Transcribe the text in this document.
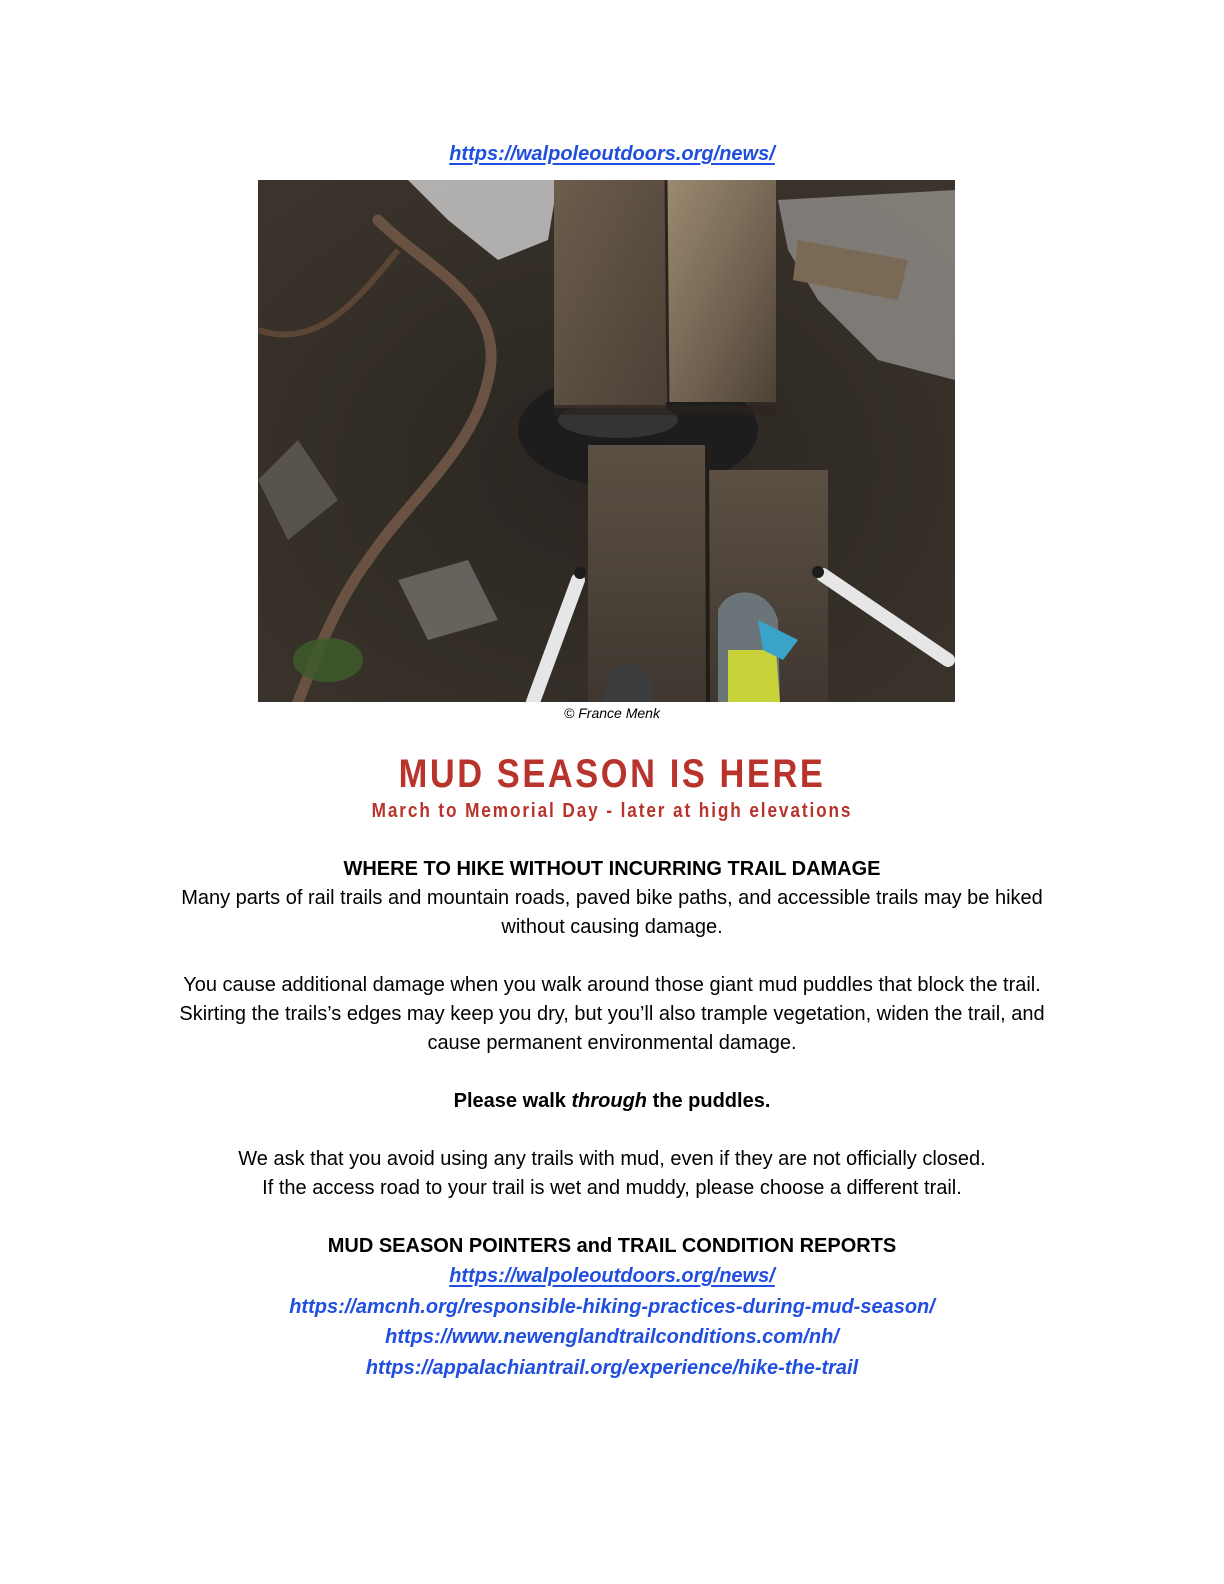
https://walpoleoutdoors.org/news/
© France Menk
MUD SEASON IS HERE
March to Memorial Day - later at high elevations

WHERE TO HIKE WITHOUT INCURRING TRAIL DAMAGE

Many parts of rail trails and mountain roads, paved bike paths, and accessible trails may be hiked without causing damage.

You cause additional damage when you walk around those giant mud puddles that block the trail. Skirting the trails’s edges may keep you dry, but you’ll also trample vegetation, widen the trail, and cause permanent environmental damage.

Please walk through the puddles.

We ask that you avoid using any trails with mud, even if they are not officially closed.

If the access road to your trail is wet and muddy, please choose a different trail.

MUD SEASON POINTERS and TRAIL CONDITION REPORTS

https://walpoleoutdoors.org/news/
https://amcnh.org/responsible-hiking-practices-during-mud-season/
https://www.newenglandtrailconditions.com/nh/
https://appalachiantrail.org/experience/hike-the-trail
